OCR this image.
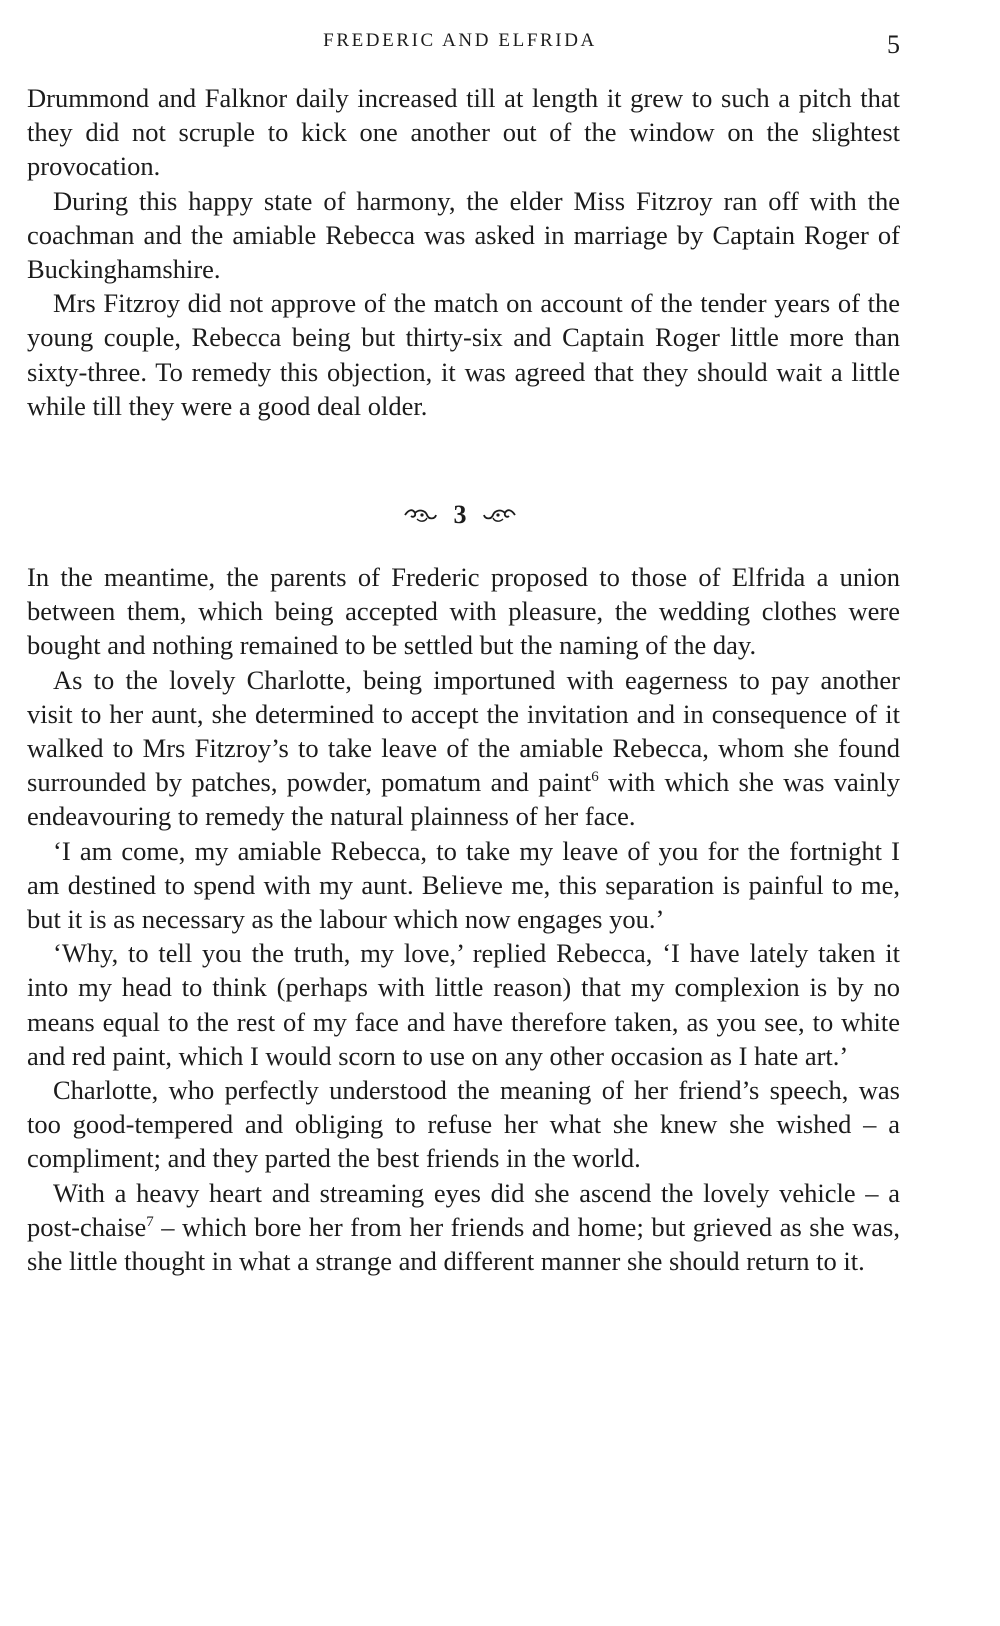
FREDERIC AND ELFRIDA	5

Drummond and Falknor daily increased till at length it grew to such a pitch that they did not scruple to kick one another out of the window on the slightest provocation.

During this happy state of harmony, the elder Miss Fitzroy ran off with the coachman and the amiable Rebecca was asked in marriage by Captain Roger of Buckinghamshire.

Mrs Fitzroy did not approve of the match on account of the tender years of the young couple, Rebecca being but thirty-six and Captain Roger little more than sixty-three. To remedy this objection, it was agreed that they should wait a little while till they were a good deal older.

3

In the meantime, the parents of Frederic proposed to those of Elfrida a union between them, which being accepted with pleasure, the wedding clothes were bought and nothing remained to be settled but the naming of the day.

As to the lovely Charlotte, being importuned with eagerness to pay another visit to her aunt, she determined to accept the invitation and in consequence of it walked to Mrs Fitzroy’s to take leave of the amiable Rebecca, whom she found surrounded by patches, powder, pomatum and paint$^6$ with which she was vainly endeavouring to remedy the natural plainness of her face.

‘I am come, my amiable Rebecca, to take my leave of you for the fortnight I am destined to spend with my aunt. Believe me, this separation is painful to me, but it is as necessary as the labour which now engages you.’

‘Why, to tell you the truth, my love,’ replied Rebecca, ‘I have lately taken it into my head to think (perhaps with little reason) that my complexion is by no means equal to the rest of my face and have therefore taken, as you see, to white and red paint, which I would scorn to use on any other occasion as I hate art.’

Charlotte, who perfectly understood the meaning of her friend’s speech, was too good-tempered and obliging to refuse her what she knew she wished – a compliment; and they parted the best friends in the world.

With a heavy heart and streaming eyes did she ascend the lovely vehicle – a post-chaise$^7$ – which bore her from her friends and home; but grieved as she was, she little thought in what a strange and different manner she should return to it.
